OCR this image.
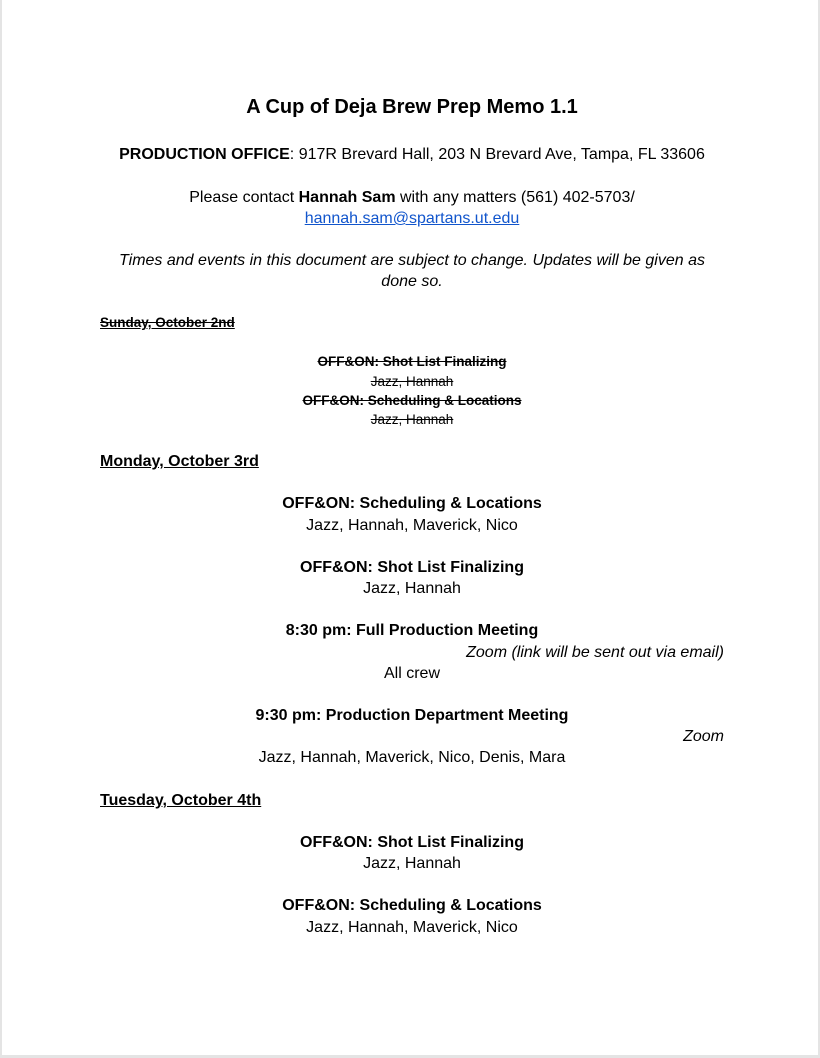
A Cup of Deja Brew Prep Memo 1.1
PRODUCTION OFFICE: 917R Brevard Hall, 203 N Brevard Ave, Tampa, FL 33606
Please contact Hannah Sam with any matters (561) 402-5703/
hannah.sam@spartans.ut.edu
Times and events in this document are subject to change. Updates will be given as
done so.
Sunday, October 2nd
OFF&ON: Shot List Finalizing
Jazz, Hannah
OFF&ON: Scheduling & Locations
Jazz, Hannah
Monday, October 3rd
OFF&ON: Scheduling & Locations
Jazz, Hannah, Maverick, Nico
OFF&ON: Shot List Finalizing
Jazz, Hannah
8:30 pm: Full Production Meeting
Zoom (link will be sent out via email)
All crew
9:30 pm: Production Department Meeting
Zoom
Jazz, Hannah, Maverick, Nico, Denis, Mara
Tuesday, October 4th
OFF&ON: Shot List Finalizing
Jazz, Hannah
OFF&ON: Scheduling & Locations
Jazz, Hannah, Maverick, Nico
